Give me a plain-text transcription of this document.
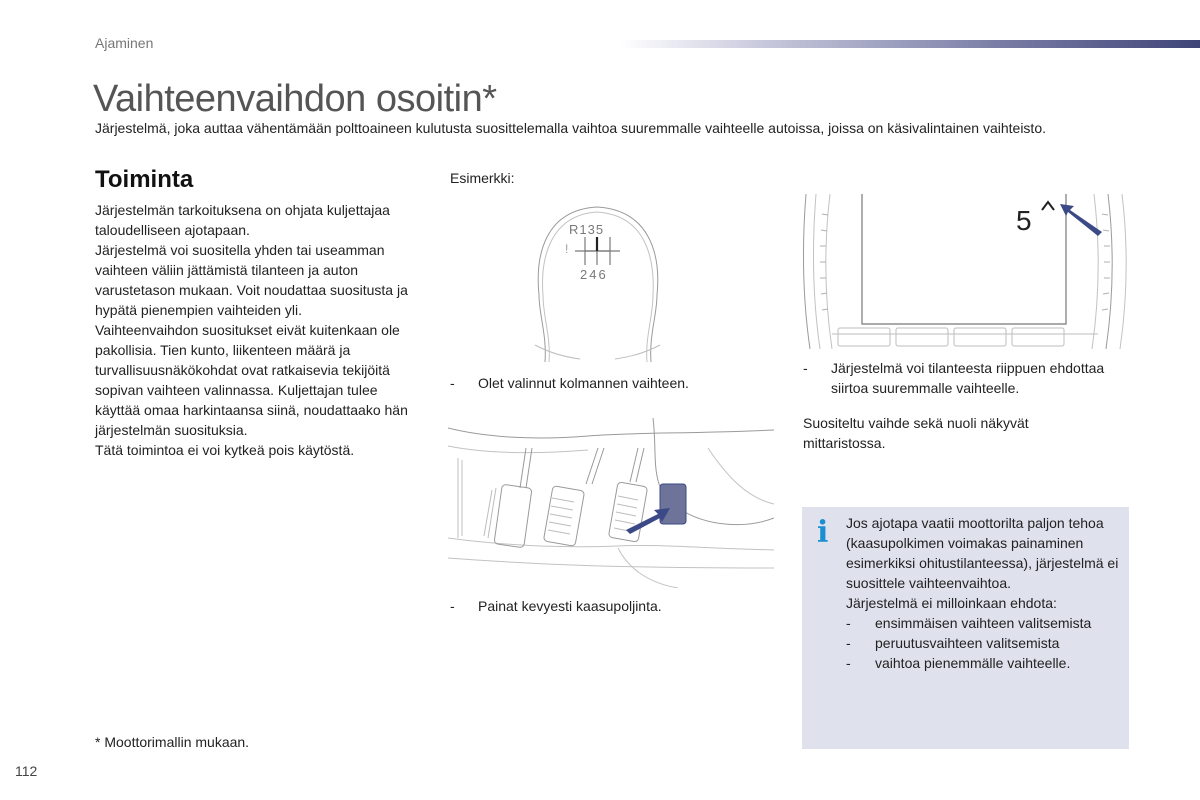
Ajaminen
Vaihteenvaihdon osoitin*
Järjestelmä, joka auttaa vähentämään polttoaineen kulutusta suosittelemalla vaihtoa suuremmalle vaihteelle autoissa, joissa on käsivalintainen vaihteisto.
Toiminta

Järjestelmän tarkoituksena on ohjata kuljettajaa taloudelliseen ajotapaan.

Järjestelmä voi suositella yhden tai useamman vaihteen väliin jättämistä tilanteen ja auton varustetason mukaan. Voit noudattaa suositusta ja hypätä pienempien vaihteiden yli.

Vaihteenvaihdon suositukset eivät kuitenkaan ole pakollisia. Tien kunto, liikenteen määrä ja turvallisuusnäkökohdat ovat ratkaisevia tekijöitä sopivan vaihteen valinnassa. Kuljettajan tulee käyttää omaa harkintaansa siinä, noudattaako hän järjestelmän suosituksia.

Tätä toimintoa ei voi kytkeä pois käytöstä.

Esimerkki:
R135
246
!
- Olet valinnut kolmannen vaihteen.
- Painat kevyesti kaasupoljinta.
5
- Järjestelmä voi tilanteesta riippuen ehdottaa siirtoa suuremmalle vaihteelle.
Suositeltu vaihde sekä nuoli näkyvät mittaristossa.
i Jos ajotapa vaatii moottorilta paljon tehoa (kaasupolkimen voimakas painaminen esimerkiksi ohitustilanteessa), järjestelmä ei suosittele vaihteenvaihtoa.

Järjestelmä ei milloinkaan ehdota:

- ensimmäisen vaihteen valitsemista
- peruutusvaihteen valitsemista
- vaihtoa pienemmälle vaihteelle.
* Moottorimallin mukaan.
112
